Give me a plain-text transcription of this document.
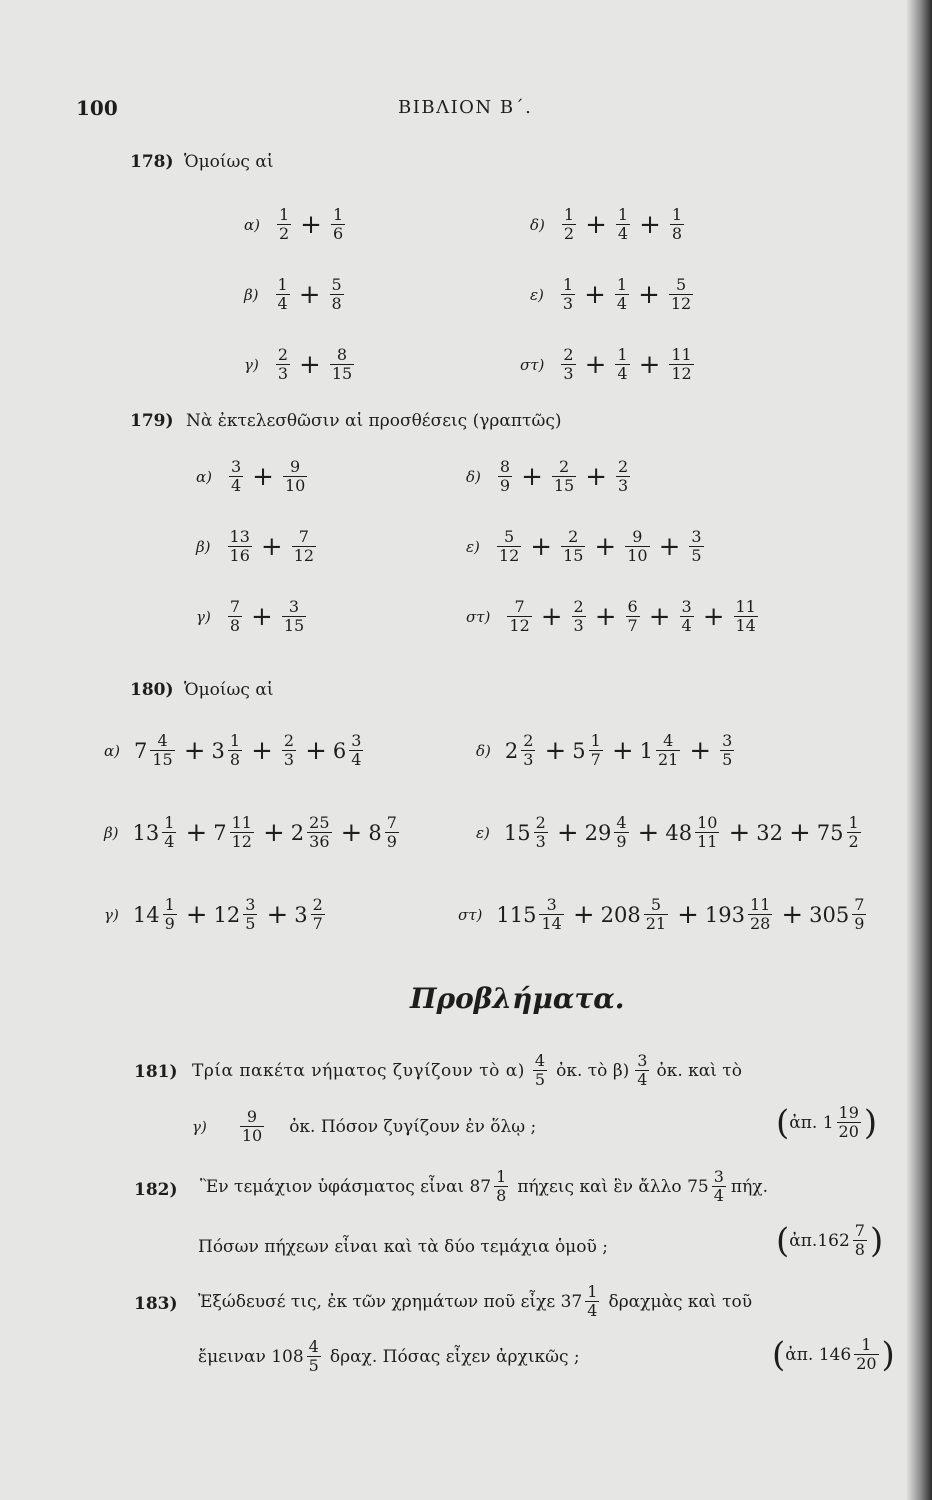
100	ΒΙΒΛΙΟΝ Β΄.
178) Ὁμοίως αἱ
$\alpha) \frac{1}{2} + \frac{1}{6}$	$\delta) \frac{1}{2} + \frac{1}{4} + \frac{1}{8}$
$\beta) \frac{1}{4} + \frac{5}{8}$	$\varepsilon) \frac{1}{3} + \frac{1}{4} + \frac{5}{12}$
$\gamma) \frac{2}{3} + \frac{8}{15}$	$\sigma\tau) \frac{2}{3} + \frac{1}{4} + \frac{11}{12}$
179) Νὰ ἐκτελεσθῶσιν αἱ προσθέσεις (γραπτῶς)
$\alpha) \frac{3}{4} + \frac{9}{10}$	$\delta) \frac{8}{9} + \frac{2}{15} + \frac{2}{3}$
$\beta) \frac{13}{16} + \frac{7}{12}$	$\varepsilon) \frac{5}{12} + \frac{2}{15} + \frac{9}{10} + \frac{3}{5}$
$\gamma) \frac{7}{8} + \frac{3}{15}$	$\sigma\tau) \frac{7}{12} + \frac{2}{3} + \frac{6}{7} + \frac{3}{4} + \frac{11}{14}$
180) Ὁμοίως αἱ
α) $7 \frac{4}{15} + 3 \frac{1}{8} + \frac{2}{3} + 6 \frac{3}{4}$	δ) $2 \frac{2}{3} + 5 \frac{1}{7} + 1 \frac{4}{21} + \frac{3}{5}$
β) $13 \frac{1}{4} + 7 \frac{11}{12} + 2 \frac{25}{36} + 8 \frac{7}{9}$	ε) $15 \frac{2}{3} + 29 \frac{4}{9} + 48 \frac{10}{11} + 32 + 75 \frac{1}{2}$
γ) $14 \frac{1}{9} + 12 \frac{3}{5} + 3 \frac{2}{7}$	στ) $115 \frac{3}{14} + 208 \frac{5}{21} + 193 \frac{11}{28} + 305 \frac{7}{9}$
Προβλήματα.
181) Τρία πακέτα νήματος ζυγίζουν τὸ $\alpha) \frac{4}{5}$ ὀκ. τὸ $\beta) \frac{3}{4}$ ὀκ. καὶ τὸ
$\gamma) \frac{9}{10}$ ὀκ. Πόσον ζυγίζουν ἐν ὅλῳ ;	( ἀπ. $1 \frac{19}{20}$ )
182) Ἓν τεμάχιον ὑφάσματος εἶναι $87 \frac{1}{8}$ πήχεις καὶ ἓν ἄλλο $75 \frac{3}{4} \pi ή\chi$.
Πόσων πήχεων εἶναι καὶ τὰ δύο τεμάχια ὁμοῦ ;	( ἀπ.162 $\frac{7}{8}$ )
183) Ἐξώδευσέ τις, ἐκ τῶν χρημάτων ποῦ εἶχε $37 \frac{1}{4}$ δραχμὰς καὶ τοῦ
ἔμειναν $108 \frac{4}{5} \delta\rho\alpha\chi$. Πόσας εἶχεν ἀρχικῶς ;	( ἀπ. $146 \frac{1}{20}$ )
